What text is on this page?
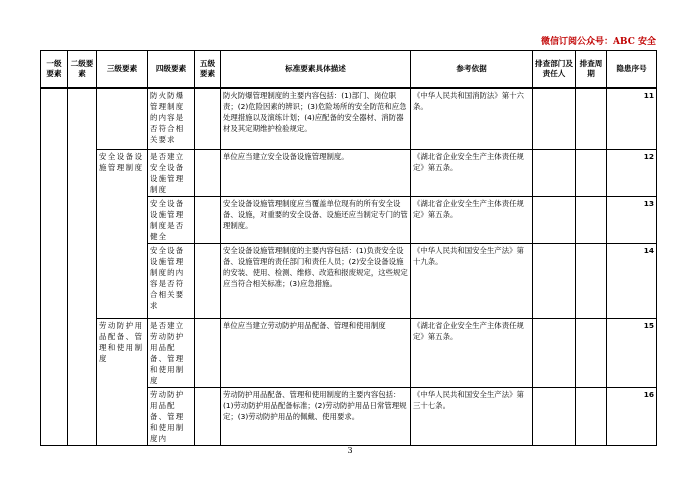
微信订阅公众号：ABC 安全
一级要素	二级要素	三级要素	四级要素	五级要素	标准要素具体描述	参考依据	排查部门及责任人	排查周期	隐患序号
			防火防爆管理制度的内容是否符合相关要求		防火防爆管理制度的主要内容包括：(1)部门、岗位职责；(2)危险因素的辨识；(3)危险场所的安全防范和应急处理措施以及演练计划；(4)应配备的安全器材、消防器材及其定期维护检验规定。	《中华人民共和国消防法》第十六条。			11
		安全设备设施管理制度	是否建立安全设备设施管理制度		单位应当建立安全设备设施管理制度。	《湖北省企业安全生产主体责任规定》第五条。			12
			安全设备设施管理制度是否健全		安全设备设施管理制度应当覆盖单位现有的所有安全设备、设施，对重要的安全设备、设施还应当制定专门的管理制度。	《湖北省企业安全生产主体责任规定》第五条。			13
			安全设备设施管理制度的内容是否符合相关要求		安全设备设施管理制度的主要内容包括：(1)负责安全设备、设施管理的责任部门和责任人员；(2)安全设备设施的安装、使用、检测、维修、改造和报废规定，这些规定应当符合相关标准；(3)应急措施。	《中华人民共和国安全生产法》第十九条。			14
		劳动防护用品配备、管理和使用制度	是否建立劳动防护用品配备、管理和使用制度		单位应当建立劳动防护用品配备、管理和使用制度	《湖北省企业安全生产主体责任规定》第五条。			15
			劳动防护用品配备、管理和使用制度内		劳动防护用品配备、管理和使用制度的主要内容包括：(1)劳动防护用品配备标准；(2)劳动防护用品日常管理规定；(3)劳动防护用品的佩戴、使用要求。	《中华人民共和国安全生产法》第三十七条。			16
3
